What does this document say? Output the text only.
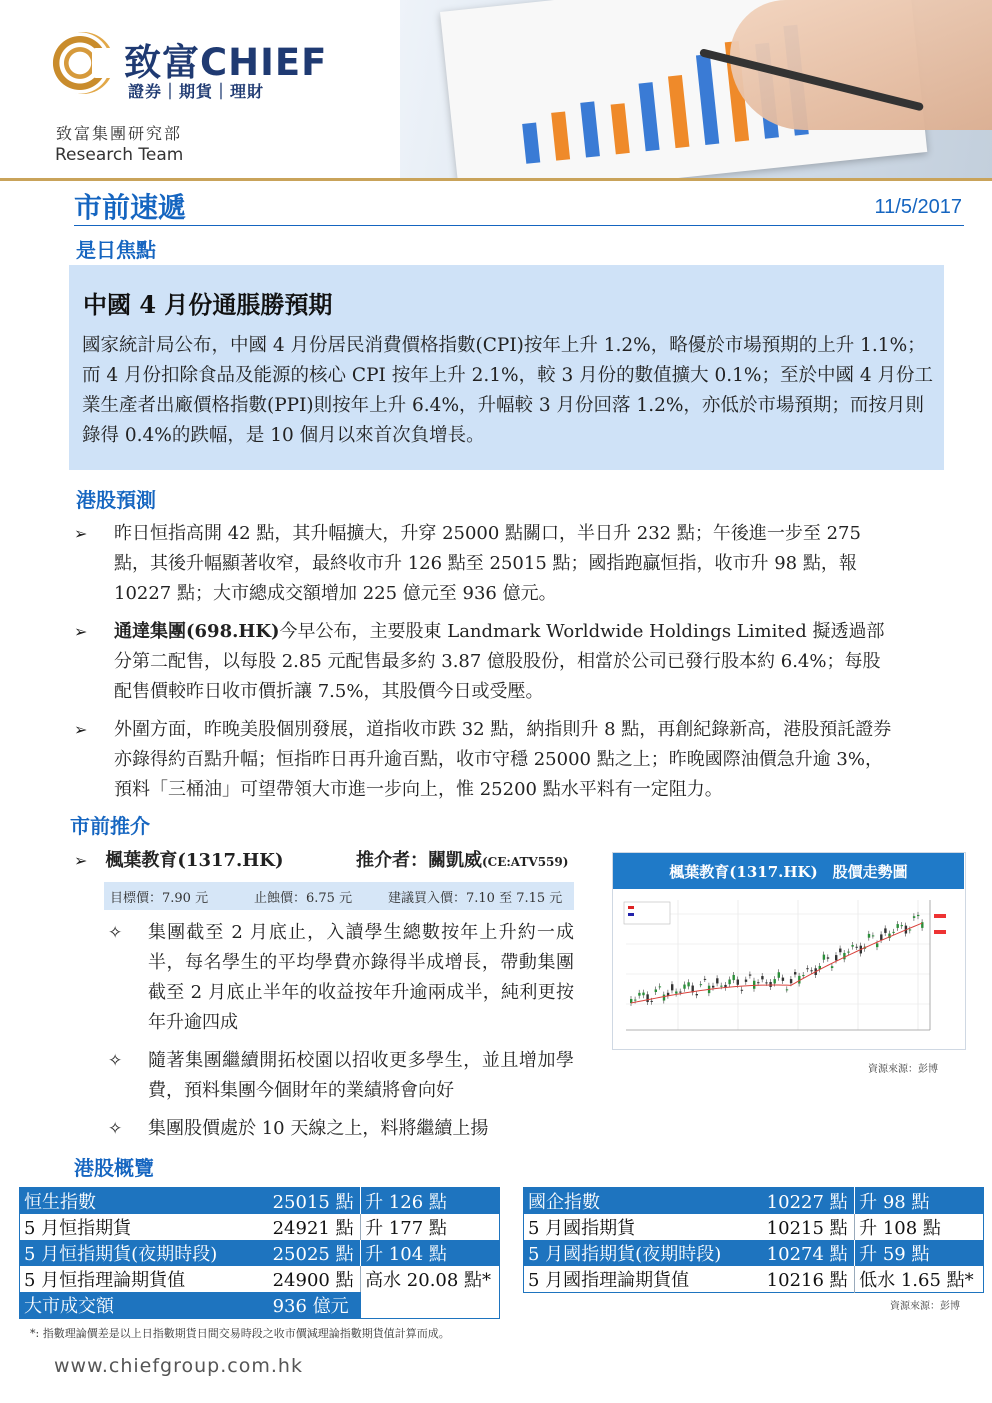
致富CHIEF
證券｜期貨｜理財
致富集團研究部
Research Team
市前速遞	11/5/2017
是日焦點
中國 4 月份通脹勝預期
國家統計局公布，中國 4 月份居民消費價格指數(CPI)按年上升 1.2%，略優於市場預期的上升 1.1%；而 4 月份扣除食品及能源的核心 CPI 按年上升 2.1%，較 3 月份的數值擴大 0.1%；至於中國 4 月份工業生產者出廠價格指數(PPI)則按年上升 6.4%，升幅較 3 月份回落 1.2%，亦低於市場預期；而按月則錄得 0.4%的跌幅，是 10 個月以來首次負增長。
港股預測
➢ 昨日恒指高開 42 點，其升幅擴大，升穿 25000 點關口，半日升 232 點；午後進一步至 275 點，其後升幅顯著收窄，最終收市升 126 點至 25015 點；國指跑贏恒指，收市升 98 點，報 10227 點；大市總成交額增加 225 億元至 936 億元。
➢ 通達集團(698.HK)今早公布，主要股東 Landmark Worldwide Holdings Limited 擬透過部分第二配售，以每股 2.85 元配售最多約 3.87 億股股份，相當於公司已發行股本約 6.4%；每股配售價較昨日收市價折讓 7.5%，其股價今日或受壓。
➢ 外圍方面，昨晚美股個別發展，道指收市跌 32 點，納指則升 8 點，再創紀錄新高，港股預託證券亦錄得約百點升幅；恒指昨日再升逾百點，收市守穩 25000 點之上；昨晚國際油價急升逾 3%，預料「三桶油」可望帶領大市進一步向上，惟 25200 點水平料有一定阻力。
市前推介
➢ 楓葉教育(1317.HK)	推介者：關凱威(CE:ATV559)
目標價：7.90 元	止蝕價：6.75 元	建議買入價：7.10 至 7.15 元
✧ 集團截至 2 月底止，入讀學生總數按年上升約一成半，每名學生的平均學費亦錄得半成增長，帶動集團截至 2 月底止半年的收益按年升逾兩成半，純利更按年升逾四成
✧ 隨著集團繼續開拓校園以招收更多學生，並且增加學費，預料集團今個財年的業績將會向好
✧ 集團股價處於 10 天線之上，料將繼續上揚
楓葉教育(1317.HK)　股價走勢圖
資源來源：彭博
港股概覽
恒生指數	25015 點	升 126 點
5 月恒指期貨	24921 點	升 177 點
5 月恒指期貨(夜期時段)	25025 點	升 104 點
5 月恒指理論期貨值	24900 點	高水 20.08 點*
大市成交額	936 億元	
國企指數	10227 點	升 98 點
5 月國指期貨	10215 點	升 108 點
5 月國指期貨(夜期時段)	10274 點	升 59 點
5 月國指理論期貨值	10216 點	低水 1.65 點*
資源來源：彭博
*: 指數理論價差是以上日指數期貨日間交易時段之收市價減理論指數期貨值計算而成。
www.chiefgroup.com.hk
